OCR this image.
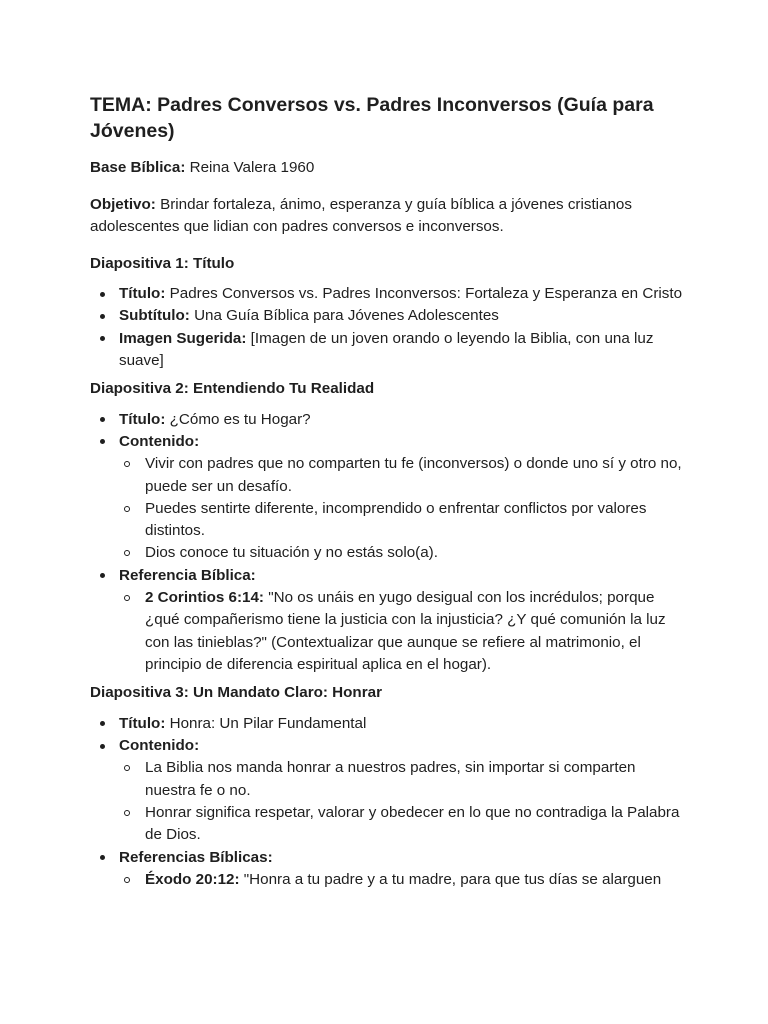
TEMA: Padres Conversos vs. Padres Inconversos (Guía para Jóvenes)

Base Bíblica: Reina Valera 1960

Objetivo: Brindar fortaleza, ánimo, esperanza y guía bíblica a jóvenes cristianos adolescentes que lidian con padres conversos e inconversos.

Diapositiva 1: Título
Título: Padres Conversos vs. Padres Inconversos: Fortaleza y Esperanza en Cristo
Subtítulo: Una Guía Bíblica para Jóvenes Adolescentes
Imagen Sugerida: [Imagen de un joven orando o leyendo la Biblia, con una luz suave]
Diapositiva 2: Entendiendo Tu Realidad
Título: ¿Cómo es tu Hogar?
Contenido:
Vivir con padres que no comparten tu fe (inconversos) o donde uno sí y otro no, puede ser un desafío.
Puedes sentirte diferente, incomprendido o enfrentar conflictos por valores distintos.
Dios conoce tu situación y no estás solo(a).
Referencia Bíblica:
2 Corintios 6:14: "No os unáis en yugo desigual con los incrédulos; porque ¿qué compañerismo tiene la justicia con la injusticia? ¿Y qué comunión la luz con las tinieblas?" (Contextualizar que aunque se refiere al matrimonio, el principio de diferencia espiritual aplica en el hogar).
Diapositiva 3: Un Mandato Claro: Honrar
Título: Honra: Un Pilar Fundamental
Contenido:
La Biblia nos manda honrar a nuestros padres, sin importar si comparten nuestra fe o no.
Honrar significa respetar, valorar y obedecer en lo que no contradiga la Palabra de Dios.
Referencias Bíblicas:
Éxodo 20:12: "Honra a tu padre y a tu madre, para que tus días se alarguen
